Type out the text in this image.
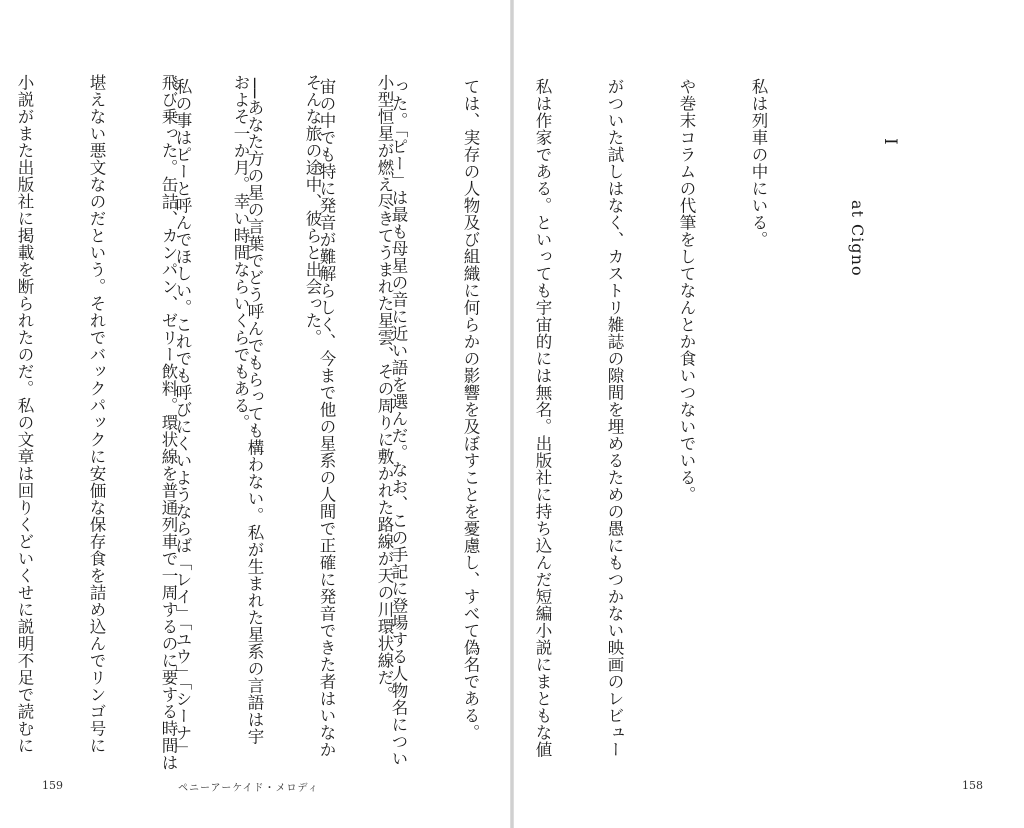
小型恒星が燃え尽きてうまれた星雲、その周りに敷かれた路線が天の川環状線だ。

そんな旅の途中、彼らと出会った。

およそ一か月。幸い時間ならいくらでもある。

飛び乗った。缶詰、カンパン、ゼリー飲料。環状線を普通列車で一周するのに要する時間は

堪えない悪文なのだという。それでバックパックに安価な保存食を詰め込んでリンゴ号に

小説がまた出版社に掲載を断られたのだ。私の文章は回りくどいくせに説明不足で読むに

159	ペニーアーケイド・メロディ
I
at Cigno

私は列車の中にいる。

や巻末コラムの代筆をしてなんとか食いつないでいる。

がついた試しはなく、カストリ雑誌の隙間を埋めるための愚にもつかない映画のレビュー

私は作家である。といっても宇宙的には無名。出版社に持ち込んだ短編小説にまともな値

ては、実存の人物及び組織に何らかの影響を及ぼすことを憂慮し、すべて偽名である。

った。「ピー」は最も母星の音に近い語を選んだ。なお、この手記に登場する人物名につい

宙の中でも特に発音が難解らしく、今まで他の星系の人間で正確に発音できた者はいなか

──あなた方の星の言葉でどう呼んでもらっても構わない。私が生まれた星系の言語は宇

私の事はピーと呼んでほしい。これでも呼びにくいようならば「レイ」「ユウ」「シーナ」

158
